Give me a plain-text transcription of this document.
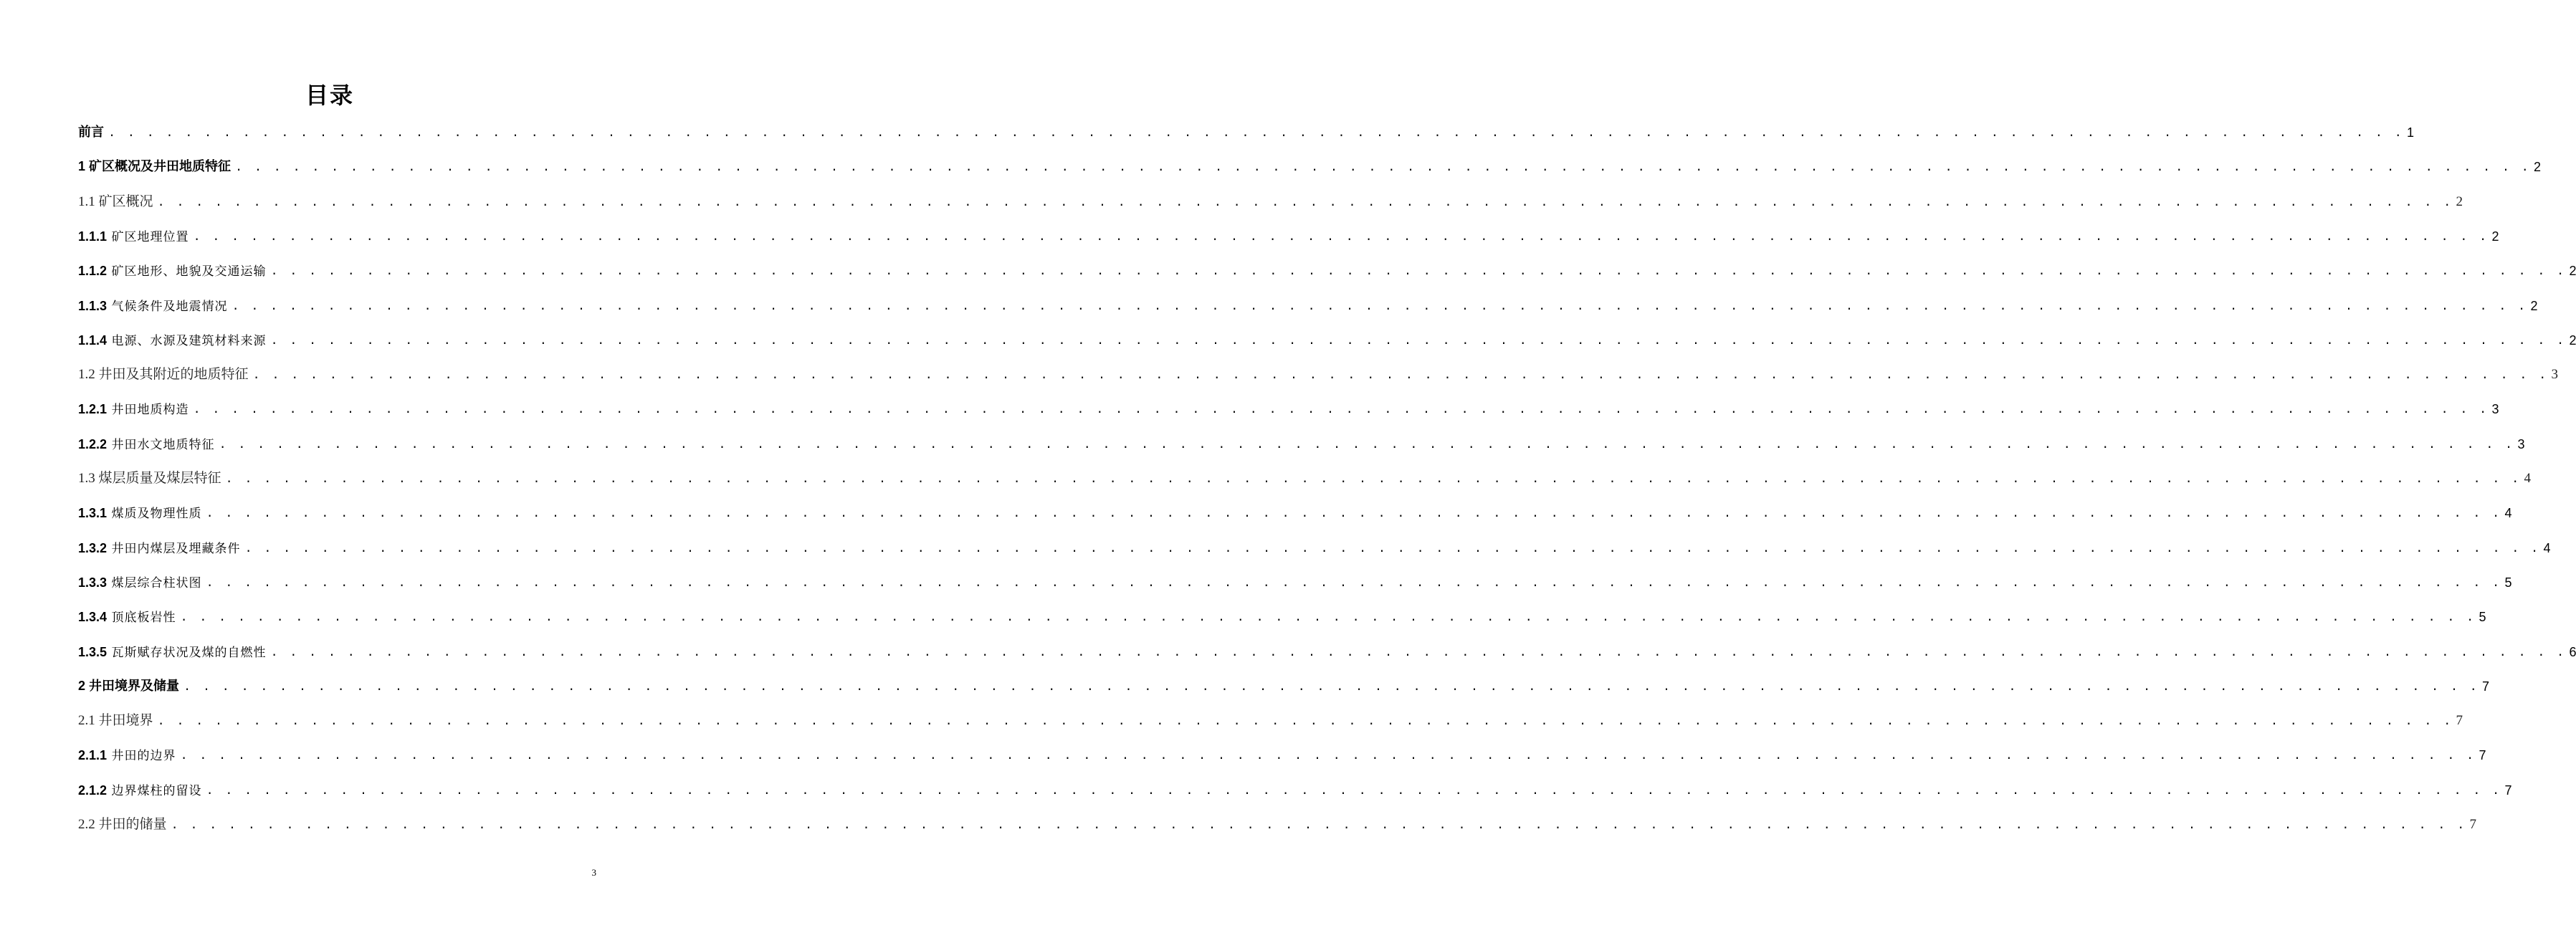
目录
前言 . . . . . . . . . . . . . . . . . . . . . . . . . . . . . . . . . . . . . . . . . . . . . . . . . . . . . . . . . . . . . . . . . . . . . . . . . . . . . . . . . . . . . . . . . . . . . . . . . . . . . . . . . . . . . . . . . . . . . . . . 1
1 矿区概况及井田地质特征 . . . . . . . . . . . . . . . . . . . . . . . . . . . . . . . . . . . . . . . . . . . . . . . . . . . . . . . . . . . . . . . . . . . . . . . . . . . . . . . . . . . . . . . . . . . . . . . . . . . . . . . . . . . . . . . . . . . . . . . . 2
1.1 矿区概况 . . . . . . . . . . . . . . . . . . . . . . . . . . . . . . . . . . . . . . . . . . . . . . . . . . . . . . . . . . . . . . . . . . . . . . . . . . . . . . . . . . . . . . . . . . . . . . . . . . . . . . . . . . . . . . . . . . . . . . . . 2
1.1.1 矿区地理位置 . . . . . . . . . . . . . . . . . . . . . . . . . . . . . . . . . . . . . . . . . . . . . . . . . . . . . . . . . . . . . . . . . . . . . . . . . . . . . . . . . . . . . . . . . . . . . . . . . . . . . . . . . . . . . . . . . . . . . . . . 2
1.1.2 矿区地形、地貌及交通运输 . . . . . . . . . . . . . . . . . . . . . . . . . . . . . . . . . . . . . . . . . . . . . . . . . . . . . . . . . . . . . . . . . . . . . . . . . . . . . . . . . . . . . . . . . . . . . . . . . . . . . . . . . . . . . . . . . . . . . . . . 2
1.1.3 气候条件及地震情况 . . . . . . . . . . . . . . . . . . . . . . . . . . . . . . . . . . . . . . . . . . . . . . . . . . . . . . . . . . . . . . . . . . . . . . . . . . . . . . . . . . . . . . . . . . . . . . . . . . . . . . . . . . . . . . . . . . . . . . . . 2
1.1.4 电源、水源及建筑材料来源 . . . . . . . . . . . . . . . . . . . . . . . . . . . . . . . . . . . . . . . . . . . . . . . . . . . . . . . . . . . . . . . . . . . . . . . . . . . . . . . . . . . . . . . . . . . . . . . . . . . . . . . . . . . . . . . . . . . . . . . . 2
1.2 井田及其附近的地质特征 . . . . . . . . . . . . . . . . . . . . . . . . . . . . . . . . . . . . . . . . . . . . . . . . . . . . . . . . . . . . . . . . . . . . . . . . . . . . . . . . . . . . . . . . . . . . . . . . . . . . . . . . . . . . . . . . . . . . . . . . 3
1.2.1 井田地质构造 . . . . . . . . . . . . . . . . . . . . . . . . . . . . . . . . . . . . . . . . . . . . . . . . . . . . . . . . . . . . . . . . . . . . . . . . . . . . . . . . . . . . . . . . . . . . . . . . . . . . . . . . . . . . . . . . . . . . . . . . 3
1.2.2 井田水文地质特征 . . . . . . . . . . . . . . . . . . . . . . . . . . . . . . . . . . . . . . . . . . . . . . . . . . . . . . . . . . . . . . . . . . . . . . . . . . . . . . . . . . . . . . . . . . . . . . . . . . . . . . . . . . . . . . . . . . . . . . . . 3
1.3 煤层质量及煤层特征 . . . . . . . . . . . . . . . . . . . . . . . . . . . . . . . . . . . . . . . . . . . . . . . . . . . . . . . . . . . . . . . . . . . . . . . . . . . . . . . . . . . . . . . . . . . . . . . . . . . . . . . . . . . . . . . . . . . . . . . . 4
1.3.1 煤质及物理性质 . . . . . . . . . . . . . . . . . . . . . . . . . . . . . . . . . . . . . . . . . . . . . . . . . . . . . . . . . . . . . . . . . . . . . . . . . . . . . . . . . . . . . . . . . . . . . . . . . . . . . . . . . . . . . . . . . . . . . . . . 4
1.3.2 井田内煤层及埋藏条件 . . . . . . . . . . . . . . . . . . . . . . . . . . . . . . . . . . . . . . . . . . . . . . . . . . . . . . . . . . . . . . . . . . . . . . . . . . . . . . . . . . . . . . . . . . . . . . . . . . . . . . . . . . . . . . . . . . . . . . . . 4
1.3.3 煤层综合柱状图 . . . . . . . . . . . . . . . . . . . . . . . . . . . . . . . . . . . . . . . . . . . . . . . . . . . . . . . . . . . . . . . . . . . . . . . . . . . . . . . . . . . . . . . . . . . . . . . . . . . . . . . . . . . . . . . . . . . . . . . . 5
1.3.4 顶底板岩性 . . . . . . . . . . . . . . . . . . . . . . . . . . . . . . . . . . . . . . . . . . . . . . . . . . . . . . . . . . . . . . . . . . . . . . . . . . . . . . . . . . . . . . . . . . . . . . . . . . . . . . . . . . . . . . . . . . . . . . . . 5
1.3.5 瓦斯赋存状况及煤的自燃性 . . . . . . . . . . . . . . . . . . . . . . . . . . . . . . . . . . . . . . . . . . . . . . . . . . . . . . . . . . . . . . . . . . . . . . . . . . . . . . . . . . . . . . . . . . . . . . . . . . . . . . . . . . . . . . . . . . . . . . . . 6
2 井田境界及储量 . . . . . . . . . . . . . . . . . . . . . . . . . . . . . . . . . . . . . . . . . . . . . . . . . . . . . . . . . . . . . . . . . . . . . . . . . . . . . . . . . . . . . . . . . . . . . . . . . . . . . . . . . . . . . . . . . . . . . . . . 7
2.1 井田境界 . . . . . . . . . . . . . . . . . . . . . . . . . . . . . . . . . . . . . . . . . . . . . . . . . . . . . . . . . . . . . . . . . . . . . . . . . . . . . . . . . . . . . . . . . . . . . . . . . . . . . . . . . . . . . . . . . . . . . . . . 7
2.1.1 井田的边界 . . . . . . . . . . . . . . . . . . . . . . . . . . . . . . . . . . . . . . . . . . . . . . . . . . . . . . . . . . . . . . . . . . . . . . . . . . . . . . . . . . . . . . . . . . . . . . . . . . . . . . . . . . . . . . . . . . . . . . . . 7
2.1.2 边界煤柱的留设 . . . . . . . . . . . . . . . . . . . . . . . . . . . . . . . . . . . . . . . . . . . . . . . . . . . . . . . . . . . . . . . . . . . . . . . . . . . . . . . . . . . . . . . . . . . . . . . . . . . . . . . . . . . . . . . . . . . . . . . . 7
2.2 井田的储量 . . . . . . . . . . . . . . . . . . . . . . . . . . . . . . . . . . . . . . . . . . . . . . . . . . . . . . . . . . . . . . . . . . . . . . . . . . . . . . . . . . . . . . . . . . . . . . . . . . . . . . . . . . . . . . . . . . . . . . . . 7
3
